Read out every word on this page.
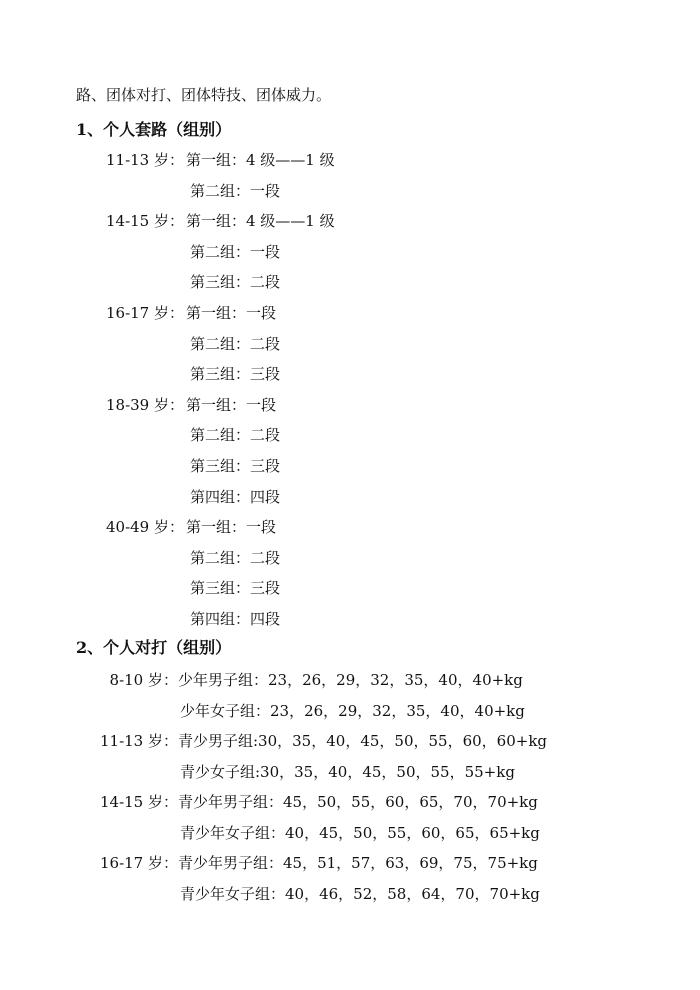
路、团体对打、团体特技、团体威力。
1、个人套路（组别）
11-13 岁： 第一组：4 级——1 级
第二组：一段
14-15 岁： 第一组：4 级——1 级
第二组：一段
第三组：二段
16-17 岁： 第一组：一段
第二组：二段
第三组：三段
18-39 岁： 第一组：一段
第二组：二段
第三组：三段
第四组：四段
40-49 岁： 第一组：一段
第二组：二段
第三组：三段
第四组：四段
2、个人对打（组别）
8-10 岁： 少年男子组：23，26，29，32，35，40，40+kg
少年女子组：23，26，29，32，35，40，40+kg
11-13 岁： 青少男子组:30，35，40，45，50，55，60，60+kg
青少女子组:30，35，40，45，50，55，55+kg
14-15 岁： 青少年男子组：45，50，55，60，65，70，70+kg
青少年女子组：40，45，50，55，60，65，65+kg
16-17 岁： 青少年男子组：45，51，57，63，69，75，75+kg
青少年女子组：40，46，52，58，64，70，70+kg
